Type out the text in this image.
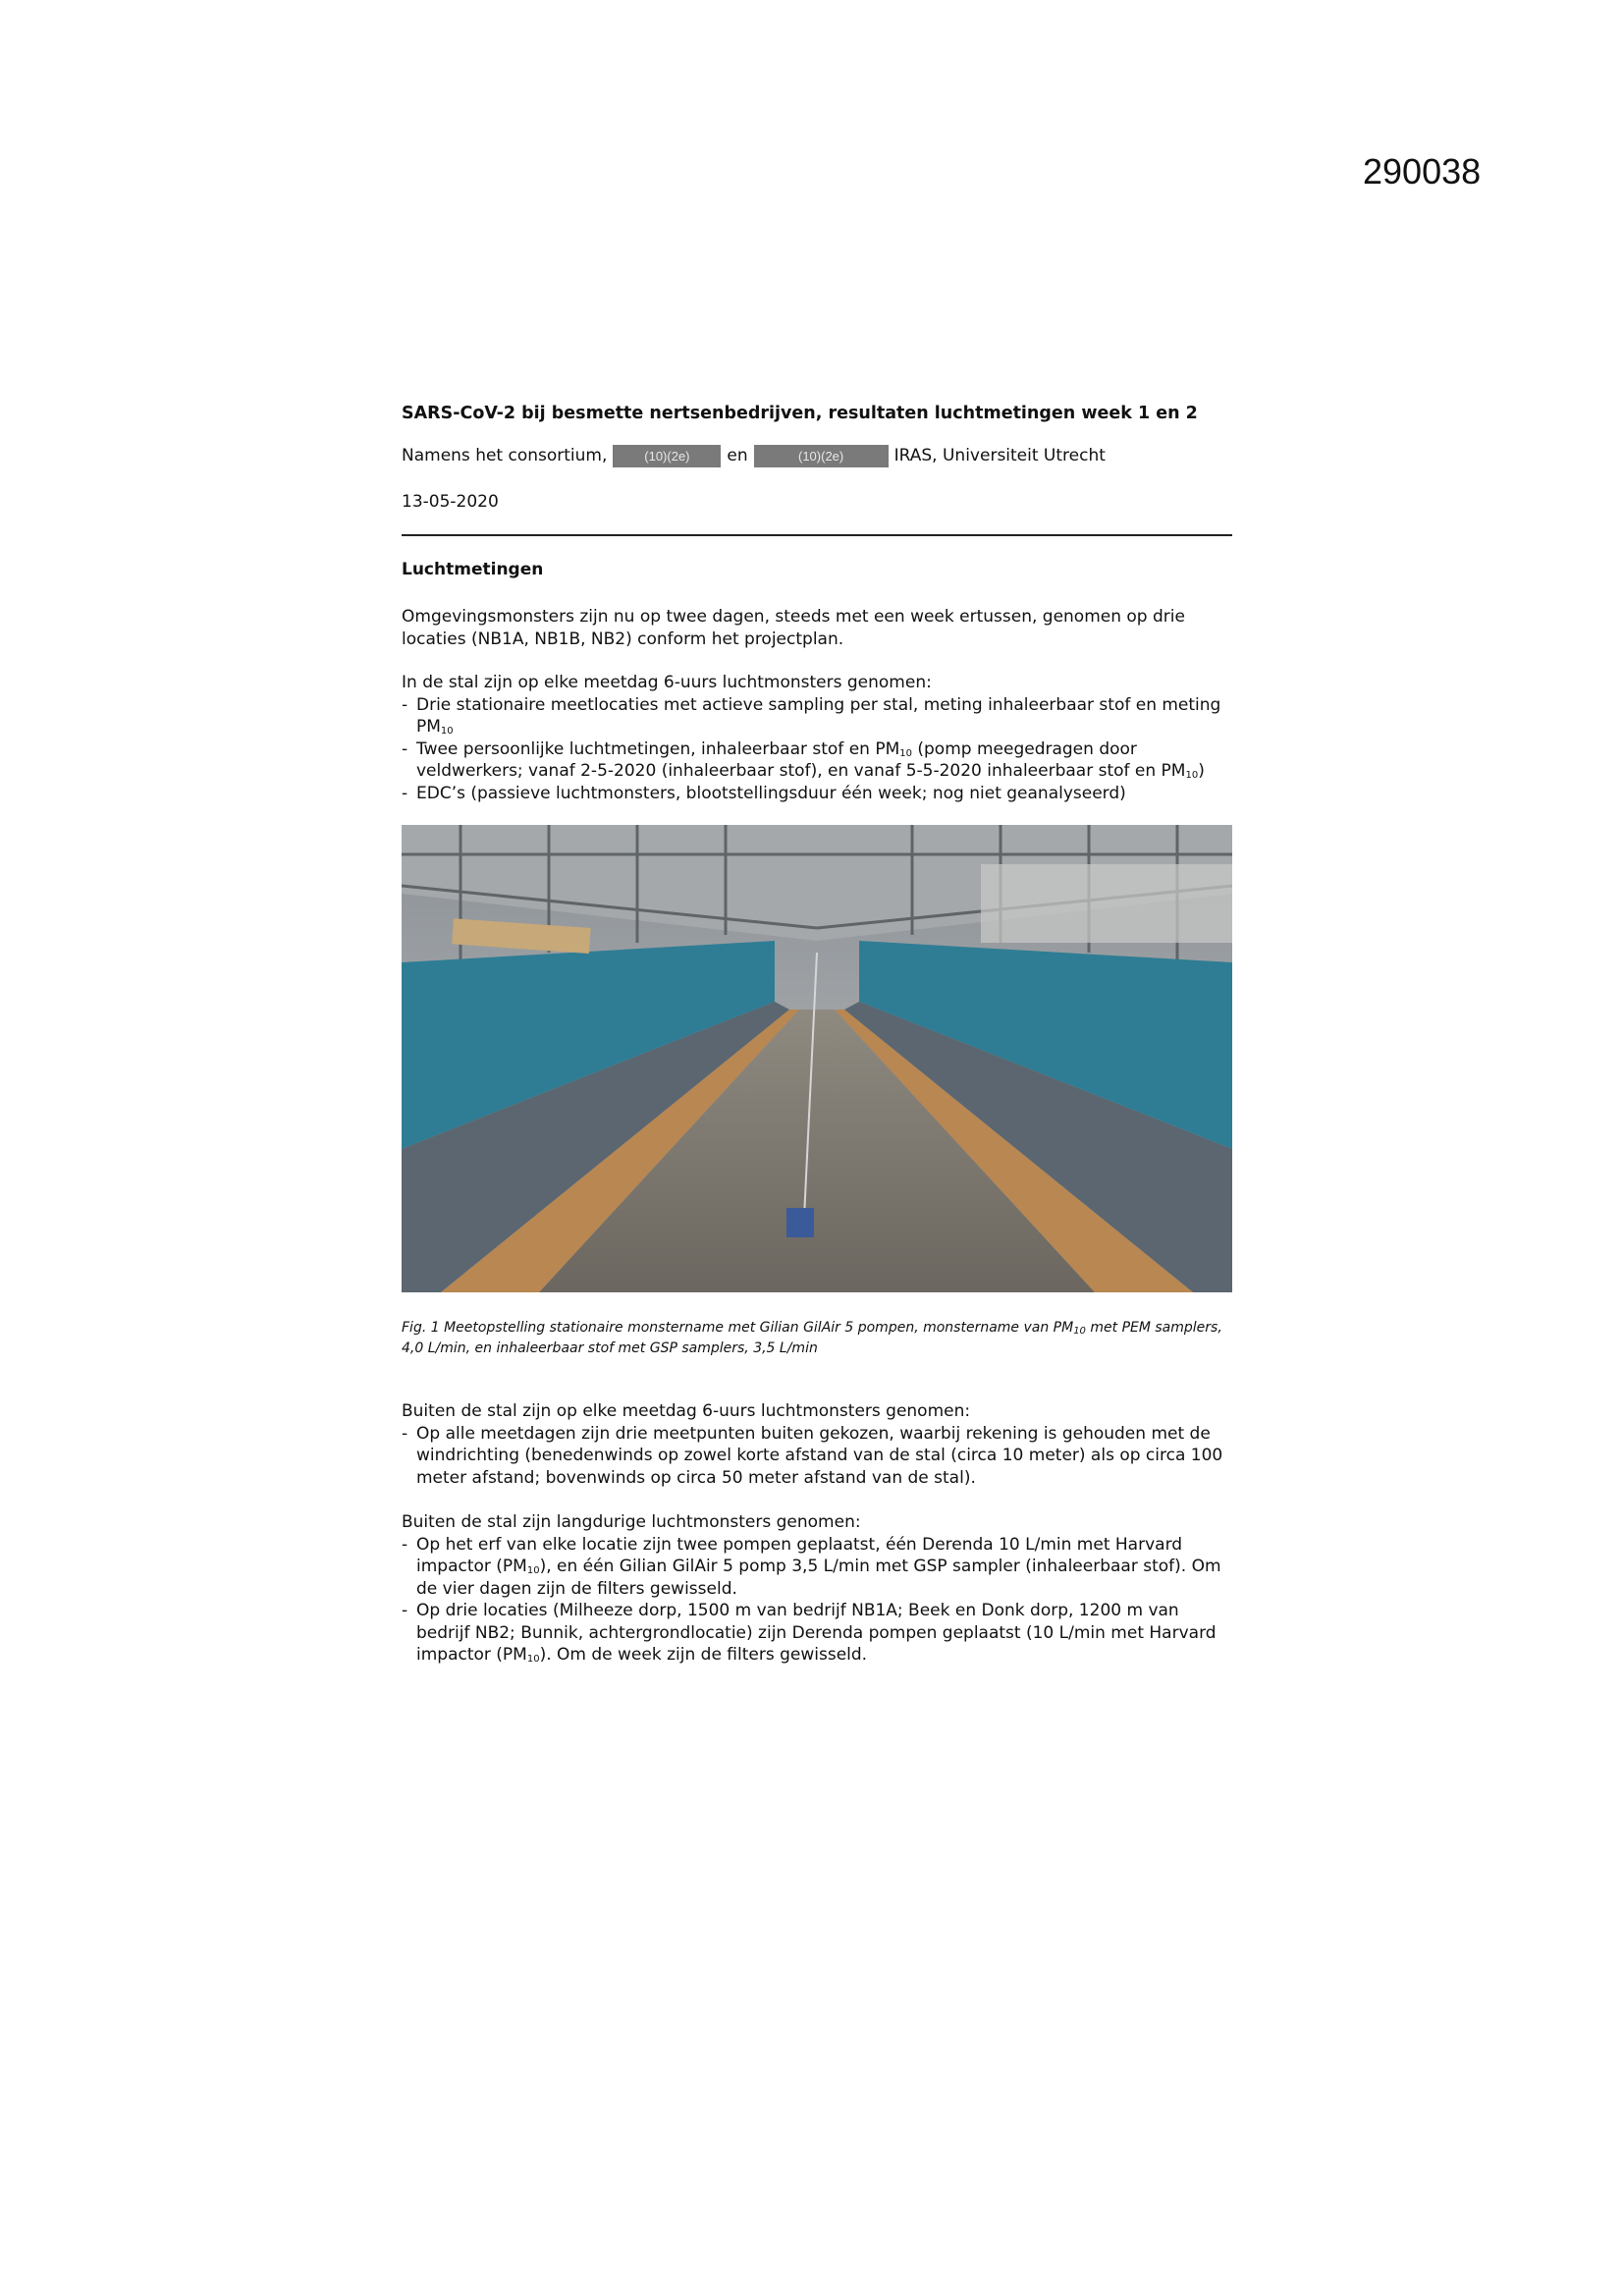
290038
SARS-CoV-2 bij besmette nertsenbedrijven, resultaten luchtmetingen week 1 en 2
Namens het consortium,	(10)(2e)	en	(10)(2e)	IRAS, Universiteit Utrecht
13-05-2020
Luchtmetingen
Omgevingsmonsters zijn nu op twee dagen, steeds met een week ertussen, genomen op drie locaties (NB1A, NB1B, NB2) conform het projectplan.

In de stal zijn op elke meetdag 6-uurs luchtmonsters genomen:

- Drie stationaire meetlocaties met actieve sampling per stal, meting inhaleerbaar stof en meting $PM_{10}$
- Twee persoonlijke luchtmetingen, inhaleerbaar stof en $PM_{10}$ (pomp meegedragen door veldwerkers; vanaf 2-5-2020 (inhaleerbaar stof), en vanaf 5-5-2020 inhaleerbaar stof en $PM_{10}$)
- EDC’s (passieve luchtmonsters, blootstellingsduur één week; nog niet geanalyseerd)
Fig. 1 Meetopstelling stationaire monstername met Gilian GilAir 5 pompen, monstername van $PM_{10}$ met PEM samplers, 4,0 L/min, en inhaleerbaar stof met GSP samplers, 3,5 L/min

Buiten de stal zijn op elke meetdag 6-uurs luchtmonsters genomen:

- Op alle meetdagen zijn drie meetpunten buiten gekozen, waarbij rekening is gehouden met de windrichting (benedenwinds op zowel korte afstand van de stal (circa 10 meter) als op circa 100 meter afstand; bovenwinds op circa 50 meter afstand van de stal).

Buiten de stal zijn langdurige luchtmonsters genomen:

- Op het erf van elke locatie zijn twee pompen geplaatst, één Derenda 10 L/min met Harvard impactor $(PM_{10})$, en één Gilian GilAir 5 pomp 3,5 L/min met GSP sampler (inhaleerbaar stof). Om de vier dagen zijn de filters gewisseld.
- Op drie locaties (Milheeze dorp, 1500 m van bedrijf NB1A; Beek en Donk dorp, 1200 m van bedrijf NB2; Bunnik, achtergrondlocatie) zijn Derenda pompen geplaatst (10 L/min met Harvard impactor $(PM_{10})$. Om de week zijn de filters gewisseld.
